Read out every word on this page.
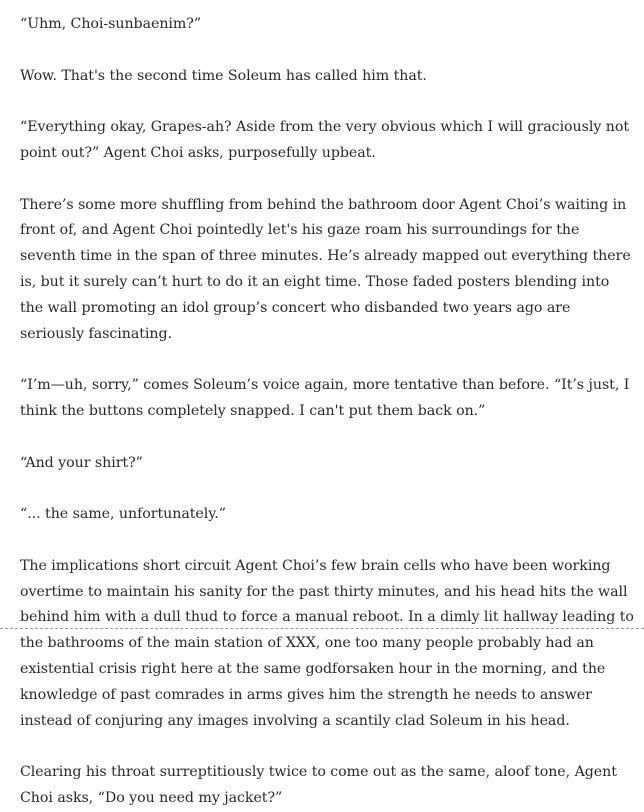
“Uhm, Choi-sunbaenim?”

Wow. That's the second time Soleum has called him that.

“Everything okay, Grapes-ah? Aside from the very obvious which I will graciously not point out?” Agent Choi asks, purposefully upbeat.

There’s some more shuffling from behind the bathroom door Agent Choi’s waiting in front of, and Agent Choi pointedly let's his gaze roam his surroundings for the seventh time in the span of three minutes. He’s already mapped out everything there is, but it surely can’t hurt to do it an eight time. Those faded posters blending into the wall promoting an idol group’s concert who disbanded two years ago are seriously fascinating.

“I’m—uh, sorry,” comes Soleum’s voice again, more tentative than before. “It’s just, I think the buttons completely snapped. I can't put them back on.”

“And your shirt?”

“... the same, unfortunately.”

The implications short circuit Agent Choi’s few brain cells who have been working overtime to maintain his sanity for the past thirty minutes, and his head hits the wall behind him with a dull thud to force a manual reboot. In a dimly lit hallway leading to the bathrooms of the main station of XXX, one too many people probably had an existential crisis right here at the same godforsaken hour in the morning, and the knowledge of past comrades in arms gives him the strength he needs to answer instead of conjuring any images involving a scantily clad Soleum in his head.

Clearing his throat surreptitiously twice to come out as the same, aloof tone, Agent Choi asks, “Do you need my jacket?”
